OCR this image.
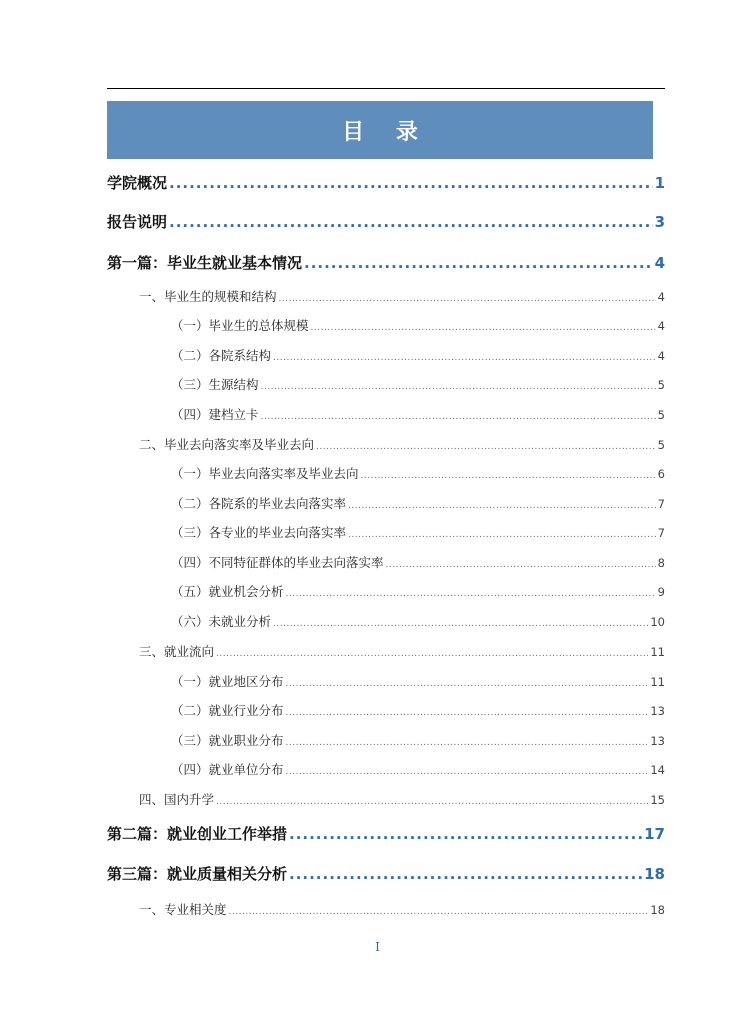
目 录
学院概况 .....	1
报告说明 .....	3
第一篇：毕业生就业基本情况 .....	4
一、毕业生的规模和结构 .....	4
（一）毕业生的总体规模 .....	4
（二）各院系结构 .....	4
（三）生源结构 .....	5
（四）建档立卡 .....	5
二、毕业去向落实率及毕业去向 .....	5
（一）毕业去向落实率及毕业去向 .....	6
（二）各院系的毕业去向落实率 .....	7
（三）各专业的毕业去向落实率 .....	7
（四）不同特征群体的毕业去向落实率 .....	8
（五）就业机会分析 .....	9
（六）未就业分析 .....	10
三、就业流向 .....	11
（一）就业地区分布 .....	11
（二）就业行业分布 .....	13
（三）就业职业分布 .....	13
（四）就业单位分布 .....	14
四、国内升学 .....	15
第二篇：就业创业工作举措 .....	17
第三篇：就业质量相关分析 .....	18
一、专业相关度 .....	18
I
